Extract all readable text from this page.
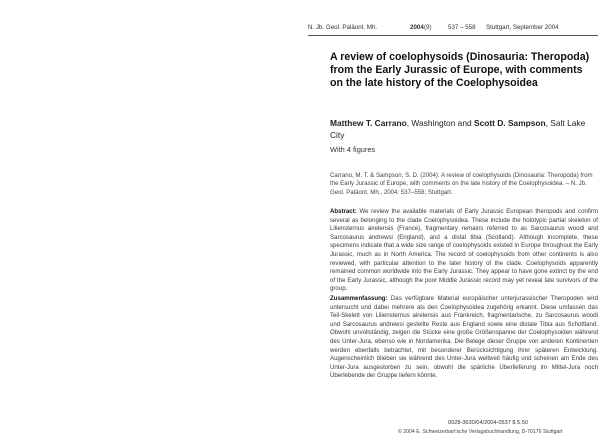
N. Jb. Geol. Paläont. Mh.	2004 (9)	537 – 558 Stuttgart, September 2004
A review of coelophysoids (Dinosauria: Theropoda) from the Early Jurassic of Europe, with comments on the late history of the Coelophysoidea
Matthew T. Carrano, Washington and Scott D. Sampson, Salt Lake City
With 4 figures
Carrano, M. T. & Sampson, S. D. (2004): A review of coelophysoids (Dinosauria: Theropoda) from the Early Jurassic of Europe, with comments on the late history of the Coelophysoidea. – N. Jb. Geol. Paläont. Mh., 2004: 537–558; Stuttgart.
Abstract: We review the available materials of Early Jurassic European theropods and confirm several as belonging to the clade Coelophysoidea. These include the holotypic partial skeleton of Liliensternus airelensis (France), fragmentary remains referred to as Sarcosaurus woodi and Sarcosaurus andrewsi (England), and a distal tibia (Scotland). Although incomplete, these specimens indicate that a wide size range of coelophysoids existed in Europe throughout the Early Jurassic, much as in North America. The record of coelophysoids from other continents is also reviewed, with particular attention to the later history of the clade. Coelophysoids apparently remained common worldwide into the Early Jurassic. They appear to have gone extinct by the end of the Early Jurassic, although the poor Middle Jurassic record may yet reveal late survivors of the group.
Zusammenfassung: Das verfügbare Material europäischer unterjurassischer Theropoden wird untersucht und dabei mehrere als den Coelophysoidea zugehörig erkannt. Diese umfassen das Teil-Skelett von Liliensternus airelensis aus Frankreich, fragmentarische, zu Sarcosaurus woodi und Sarcosaurus andrewsi gestellte Reste aus England sowie eine distale Tibia aus Schottland. Obwohl unvollständig, zeigen die Stücke eine große Größenspanne der Coelophysoiden während des Unter-Jura, ebenso wie in Nordamerika. Die Belege dieser Gruppe von anderen Kontinenten werden ebenfalls betrachtet, mit besonderer Berücksichtigung ihrer späteren Entwicklung. Augenscheinlich blieben sie während des Unter-Jura weltweit häufig und scheinen am Ende des Unter-Jura ausgestorben zu sein, obwohl die spärliche Überlieferung im Mittel-Jura noch Überlebende der Gruppe liefern könnte.
0028-3630/04/2004-0537 $ 5.50
© 2004 E. Schweizerbart'sche Verlagsbuchhandlung, D-70176 Stuttgart
